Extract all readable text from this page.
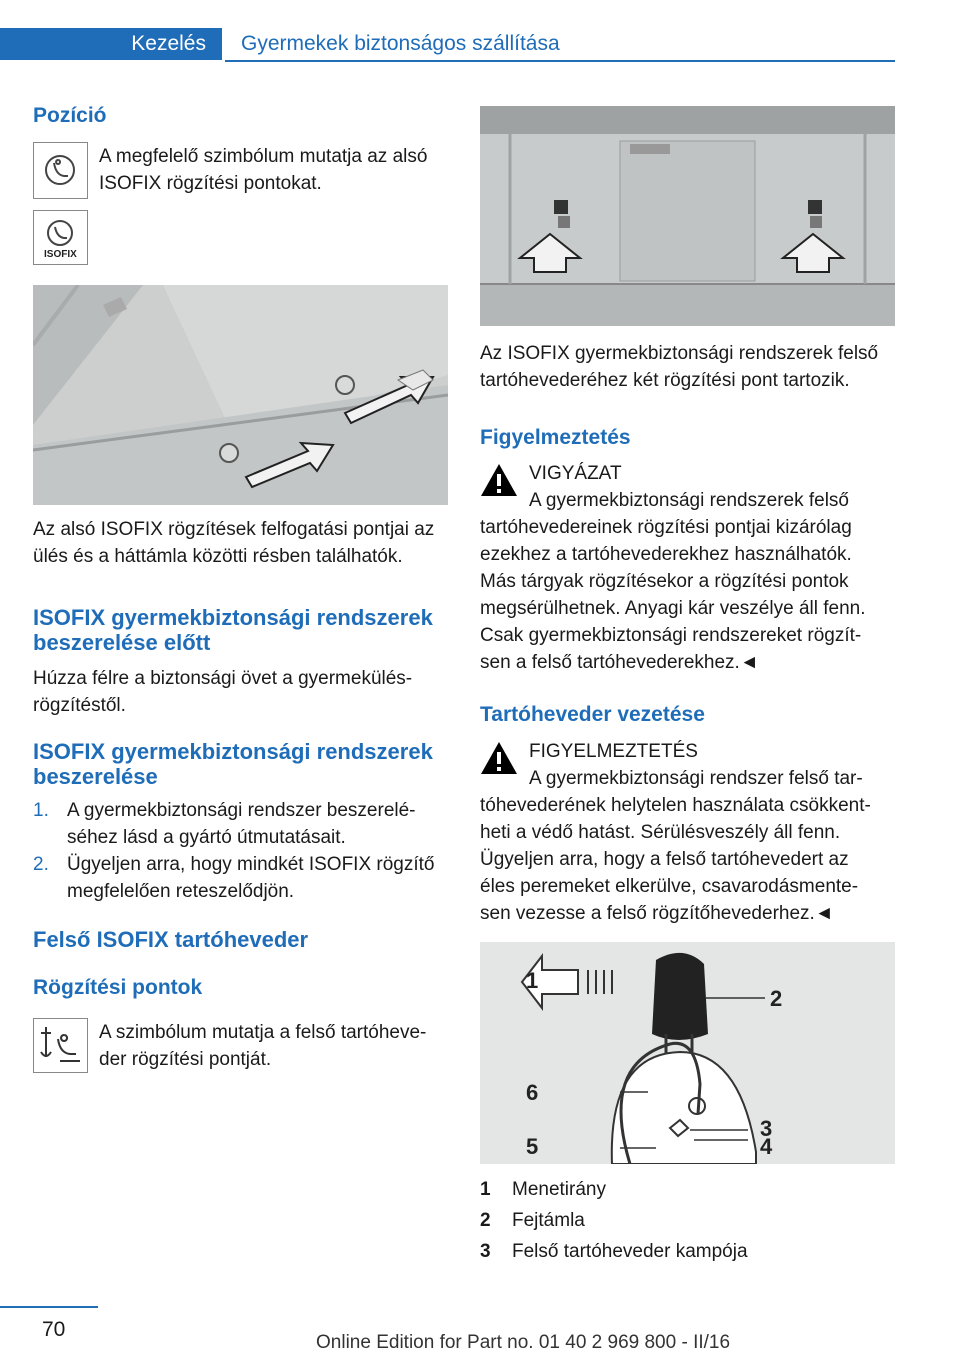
Kezelés	Gyermekek biztonságos szállítása
Pozíció
A megfelelő szimbólum mutatja az alsó
ISOFIX rögzítési pontokat.
ISOFIX
Az alsó ISOFIX rögzítések felfogatási pontjai az
ülés és a háttámla közötti résben találhatók.
ISOFIX gyermekbiztonsági rendszerek
beszerelése előtt
Húzza félre a biztonsági övet a gyermekülés-
rögzítéstől.
ISOFIX gyermekbiztonsági rendszerek
beszerelése
1. A gyermekbiztonsági rendszer beszerelé-
séhez lásd a gyártó útmutatásait.
2. Ügyeljen arra, hogy mindkét ISOFIX rögzítő
megfelelően reteszelődjön.
Felső ISOFIX tartóheveder
Rögzítési pontok
A szimbólum mutatja a felső tartóheve-
der rögzítési pontját.
Az ISOFIX gyermekbiztonsági rendszerek felső
tartóhevederéhez két rögzítési pont tartozik.
Figyelmeztetés
VIGYÁZAT
A gyermekbiztonsági rendszerek felső
tartóhevedereinek rögzítési pontjai kizárólag
ezekhez a tartóhevederekhez használhatók.
Más tárgyak rögzítésekor a rögzítési pontok
megsérülhetnek. Anyagi kár veszélye áll fenn.
Csak gyermekbiztonsági rendszereket rögzít-
sen a felső tartóhevederekhez.◄
Tartóheveder vezetése
FIGYELMEZTETÉS
A gyermekbiztonsági rendszer felső tar-
tóhevederének helytelen használata csökkent-
heti a védő hatást. Sérülésveszély áll fenn.
Ügyeljen arra, hogy a felső tartóhevedert az
éles peremeket elkerülve, csavarodásmente-
sen vezesse a felső rögzítőhevederhez.◄
1
2
3
4
5
6
1 Menetirány
2 Fejtámla
3 Felső tartóheveder kampója
70
Online Edition for Part no. 01 40 2 969 800 - II/16
